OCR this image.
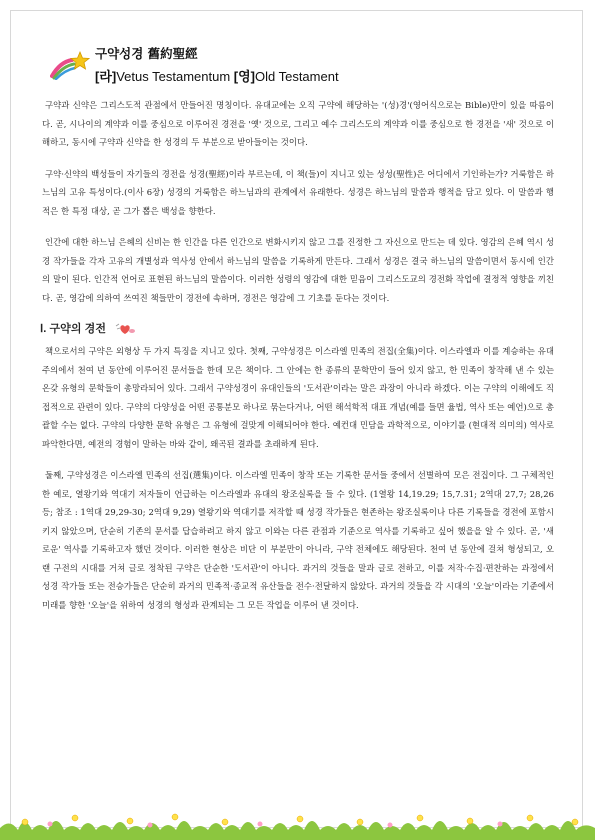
구약성경 舊約聖經
[라]Vetus Testamentum [영]Old Testament

구약과 신약은 그리스도적 관점에서 만들어진 명칭이다. 유대교에는 오직 구약에 해당하는 '(성)경'(영어식으로는 Bible)만이 있을 따름이다. 곧, 시나이의 계약과 이를 중심으로 이루어진 경전을 '옛' 것으로, 그리고 예수 그리스도의 계약과 이를 중심으로 한 경전을 '새' 것으로 이해하고, 동시에 구약과 신약을 한 성경의 두 부분으로 받아들이는 것이다.

구약·신약의 백성들이 자기들의 경전을 성경(聖經)이라 부르는데, 이 책(들)이 지니고 있는 성성(聖性)은 어디에서 기인하는가? 거룩함은 하느님의 고유 특성이다.(이사 6장) 성경의 거룩함은 하느님과의 관계에서 유래한다. 성경은 하느님의 말씀과 행적을 담고 있다. 이 말씀과 행적은 한 특정 대상, 곧 그가 뽑은 백성을 향한다.

인간에 대한 하느님 은혜의 신비는 한 인간을 다른 인간으로 변화시키지 않고 그를 진정한 그 자신으로 만드는 데 있다. 영감의 은혜 역시 성경 작가들을 각자 고유의 개별성과 역사성 안에서 하느님의 말씀을 기록하게 만든다. 그래서 성경은 결국 하느님의 말씀이면서 동시에 인간의 말이 된다. 인간적 언어로 표현된 하느님의 말씀이다. 이러한 성령의 영감에 대한 믿음이 그리스도교의 경전화 작업에 결정적 영향을 끼친다. 곧, 영감에 의하여 쓰여진 책들만이 경전에 속하며, 경전은 영감에 그 기초를 둔다는 것이다.

Ⅰ. 구약의 경전

책으로서의 구약은 외형상 두 가지 특징을 지니고 있다. 첫째, 구약성경은 이스라엘 민족의 전집(全集)이다. 이스라엘과 이를 계승하는 유대주의에서 천여 년 동안에 이루어진 문서들을 한데 모은 책이다. 그 안에는 한 종류의 문학만이 들어 있지 않고, 한 민족이 창작해 낸 수 있는 온갖 유형의 문학들이 총망라되어 있다. 그래서 구약성경이 유대인들의 '도서관'이라는 말은 과장이 아니라 하겠다. 이는 구약의 이해에도 직접적으로 관련이 있다. 구약의 다양성을 어떤 공통분모 하나로 묶는다거나, 어떤 해석학적 대표 개념(예를 들면 율법, 역사 또는 예언)으로 총괄할 수는 없다. 구약의 다양한 문학 유형은 그 유형에 걸맞게 이해되어야 한다. 예컨대 민담을 과학적으로, 이야기를 (현대적 의미의) 역사로 파악한다면, 예전의 경험이 말하는 바와 같이, 왜곡된 결과를 초래하게 된다.

둘째, 구약성경은 이스라엘 민족의 선집(選集)이다. 이스라엘 민족이 창작 또는 기록한 문서들 중에서 선별하여 모은 전집이다. 그 구체적인 한 예로, 열왕기와 역대기 저자들이 언급하는 이스라엘과 유대의 왕조실록을 들 수 있다. (1열왕 14,19.29; 15,7.31; 2역대 27,7; 28,26 등; 참조 : 1역대 29,29-30; 2역대 9,29) 열왕기와 역대기를 저작할 때 성경 작가들은 현존하는 왕조실록이나 다른 기록들을 경전에 포함시키지 않았으며, 단순히 기존의 문서를 답습하려고 하지 않고 이와는 다른 관점과 기준으로 역사를 기록하고 싶어 했을을 알 수 있다. 곧, '새로운' 역사를 기록하고자 했던 것이다. 이러한 현상은 비단 이 부분만이 아니라, 구약 전체에도 해당된다. 천여 년 동안에 걸쳐 형성되고, 오랜 구전의 시대를 거쳐 글로 정착된 구약은 단순한 '도서관'이 아니다. 과거의 것들을 말과 글로 전하고, 이를 저작·수집·편찬하는 과정에서 성경 작가들 또는 전승가들은 단순히 과거의 민족적·종교적 유산들을 전수·전달하지 않았다. 과거의 것들을 각 시대의 '오늘'이라는 기준에서 미래를 향한 '오늘'을 위하여 성경의 형성과 관계되는 그 모든 작업을 이루어 낸 것이다.
